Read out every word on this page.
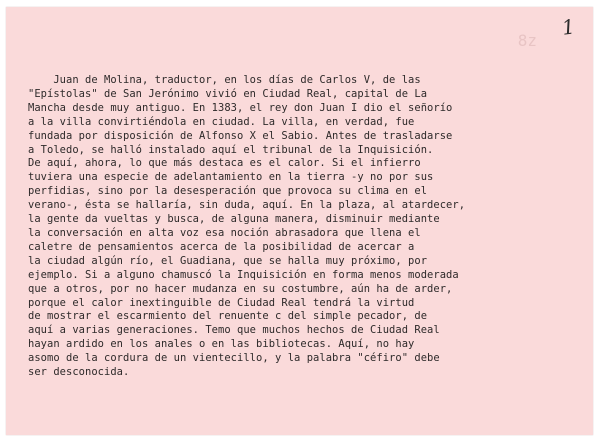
1
8z
Juan de Molina, traductor, en los días de Carlos V, de las
"Epístolas" de San Jerónimo vivió en Ciudad Real, capital de La
Mancha desde muy antiguo. En 1383, el rey don Juan I dio el señorío
a la villa convirtiéndola en ciudad. La villa, en verdad, fue
fundada por disposición de Alfonso X el Sabio. Antes de trasladarse
a Toledo, se halló instalado aquí el tribunal de la Inquisición.
De aquí, ahora, lo que más destaca es el calor. Si el infierro
tuviera una especie de adelantamiento en la tierra -y no por sus
perfidias, sino por la desesperación que provoca su clima en el
verano-, ésta se hallaría, sin duda, aquí. En la plaza, al atardecer,
la gente da vueltas y busca, de alguna manera, disminuir mediante
la conversación en alta voz esa noción abrasadora que llena el
caletre de pensamientos acerca de la posibilidad de acercar a
la ciudad algún río, el Guadiana, que se halla muy próximo, por
ejemplo. Si a alguno chamuscó la Inquisición en forma menos moderada
que a otros, por no hacer mudanza en su costumbre, aún ha de arder,
porque el calor inextinguible de Ciudad Real tendrá la virtud
de mostrar el escarmiento del renuente c del simple pecador, de
aquí a varias generaciones. Temo que muchos hechos de Ciudad Real
hayan ardido en los anales o en las bibliotecas. Aquí, no hay
asomo de la cordura de un vientecillo, y la palabra "céfiro" debe
ser desconocida.
